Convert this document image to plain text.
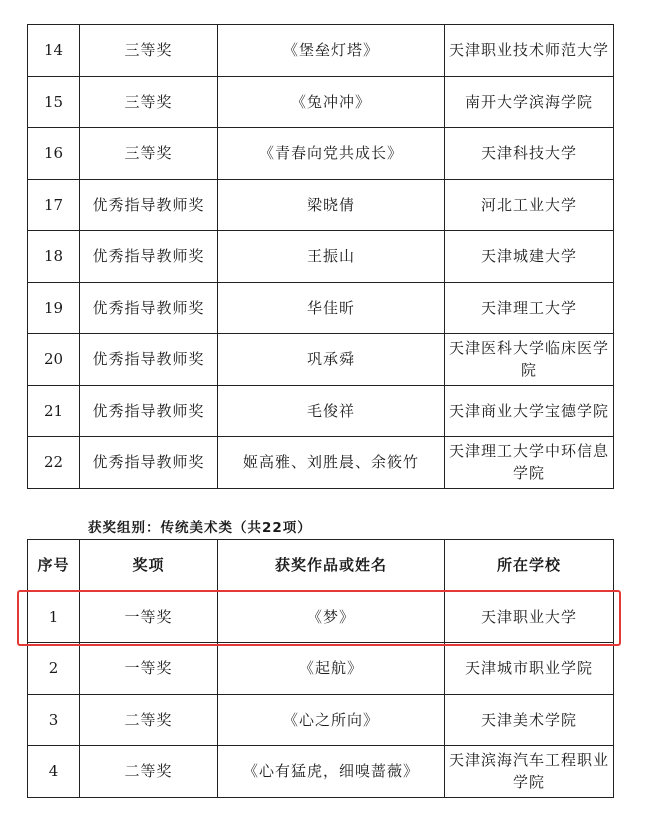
14	三等奖	《堡垒灯塔》	天津职业技术师范大学
15	三等奖	《兔冲冲》	南开大学滨海学院
16	三等奖	《青春向党共成长》	天津科技大学
17	优秀指导教师奖	梁晓倩	河北工业大学
18	优秀指导教师奖	王振山	天津城建大学
19	优秀指导教师奖	华佳昕	天津理工大学
20	优秀指导教师奖	巩承舜	天津医科大学临床医学院
21	优秀指导教师奖	毛俊祥	天津商业大学宝德学院
22	优秀指导教师奖	姬高雅、刘胜晨、余筱竹	天津理工大学中环信息学院
获奖组别：传统美术类（共22项）
序号	奖项	获奖作品或姓名	所在学校
1	一等奖	《梦》	天津职业大学
2	一等奖	《起航》	天津城市职业学院
3	二等奖	《心之所向》	天津美术学院
4	二等奖	《心有猛虎，细嗅蔷薇》	天津滨海汽车工程职业学院
